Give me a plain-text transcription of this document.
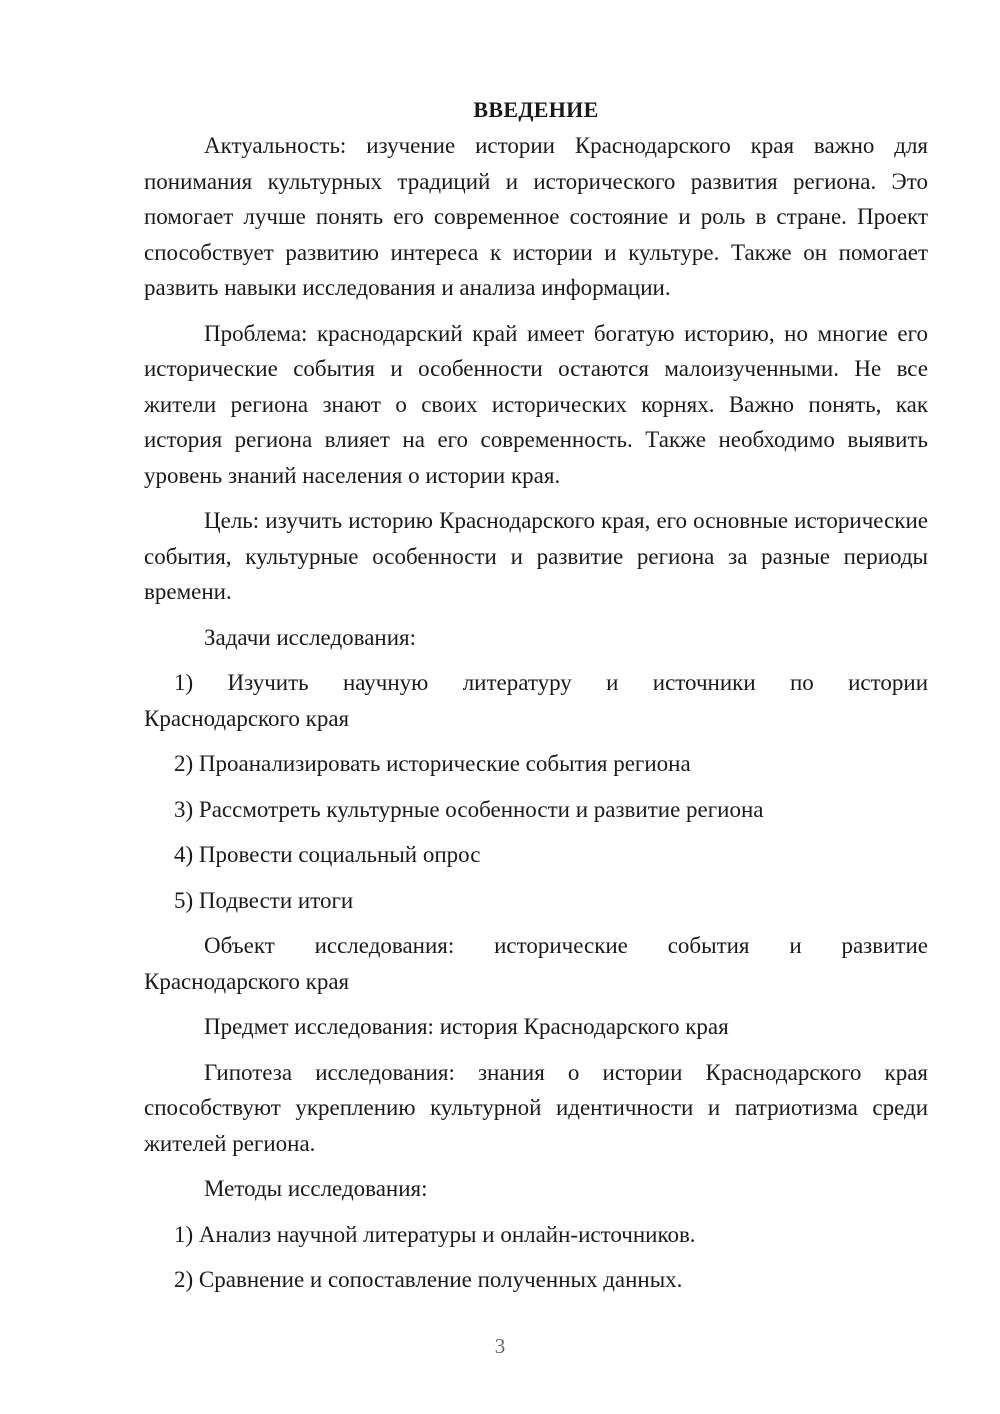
ВВЕДЕНИЕ

Актуальность: изучение истории Краснодарского края важно для понимания культурных традиций и исторического развития региона. Это помогает лучше понять его современное состояние и роль в стране. Проект способствует развитию интереса к истории и культуре. Также он помогает развить навыки исследования и анализа информации.

Проблема: краснодарский край имеет богатую историю, но многие его исторические события и особенности остаются малоизученными. Не все жители региона знают о своих исторических корнях. Важно понять, как история региона влияет на его современность. Также необходимо выявить уровень знаний населения о истории края.

Цель: изучить историю Краснодарского края, его основные исторические события, культурные особенности и развитие региона за разные периоды времени.

Задачи исследования:

1) Изучить научную литературу и источники по истории

Краснодарского края

2) Проанализировать исторические события региона

3) Рассмотреть культурные особенности и развитие региона

4) Провести социальный опрос

5) Подвести итоги

Объект исследования: исторические события и развитие

Краснодарского края

Предмет исследования: история Краснодарского края

Гипотеза исследования: знания о истории Краснодарского края способствуют укреплению культурной идентичности и патриотизма среди жителей региона.

Методы исследования:

1) Анализ научной литературы и онлайн-источников.

2) Сравнение и сопоставление полученных данных.

3
